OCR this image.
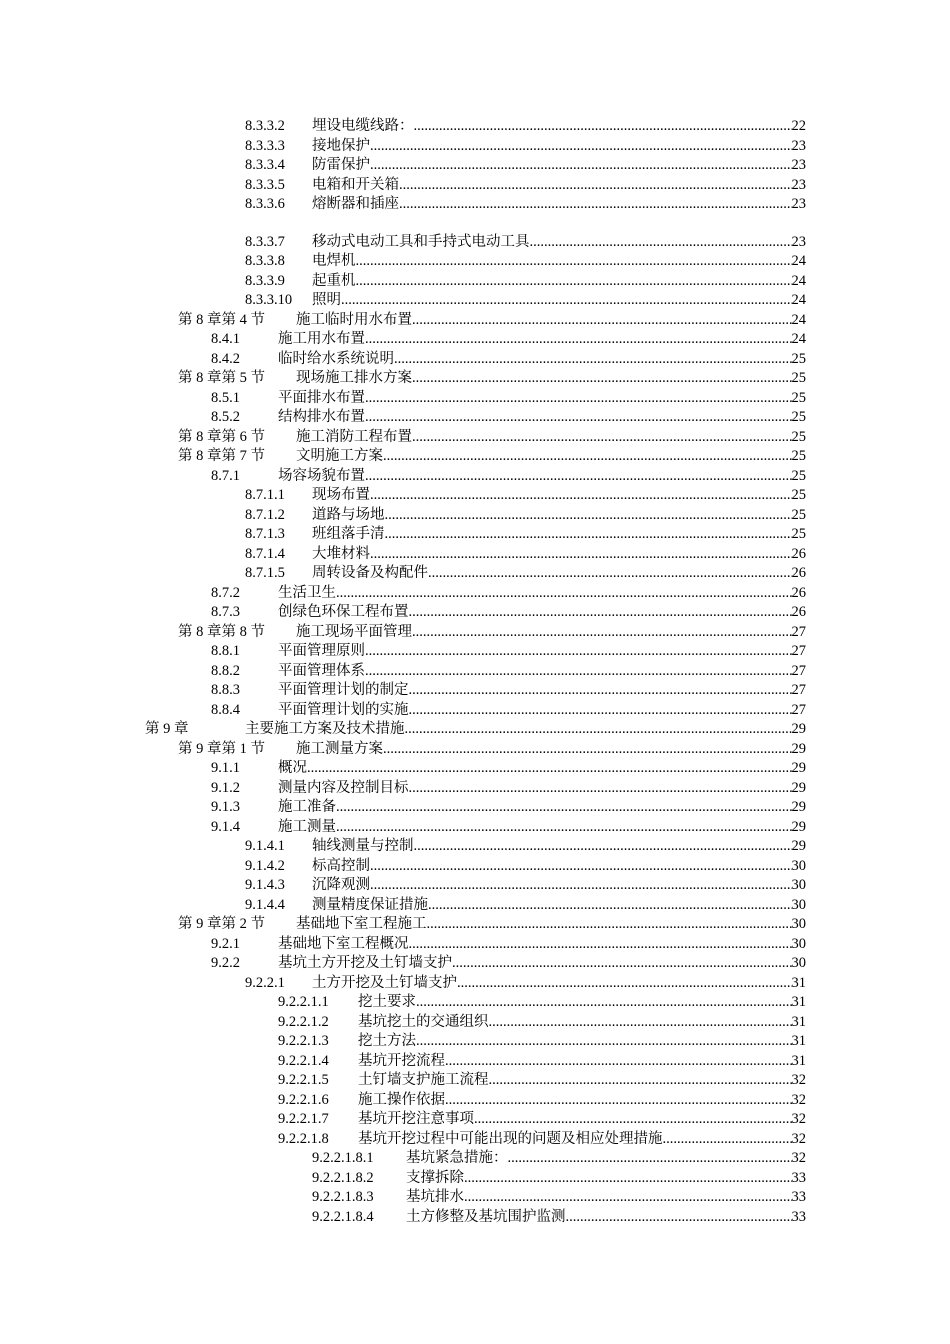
8.3.3.2	埋设电缆线路： .....	22
8.3.3.3	接地保护 .....	23
8.3.3.4	防雷保护 .....	23
8.3.3.5	电箱和开关箱 .....	23
8.3.3.6	熔断器和插座 .....	23
8.3.3.7	移动式电动工具和手持式电动工具 .....	23
8.3.3.8	电焊机 .....	24
8.3.3.9	起重机 .....	24
8.3.3.10	照明 .....	24
第 8 章第 4 节	施工临时用水布置 .....	24
8.4.1	施工用水布置 .....	24
8.4.2	临时给水系统说明 .....	25
第 8 章第 5 节	现场施工排水方案 .....	25
8.5.1	平面排水布置 .....	25
8.5.2	结构排水布置 .....	25
第 8 章第 6 节	施工消防工程布置 .....	25
第 8 章第 7 节	文明施工方案 .....	25
8.7.1	场容场貌布置 .....	25
8.7.1.1	现场布置 .....	25
8.7.1.2	道路与场地 .....	25
8.7.1.3	班组落手清 .....	25
8.7.1.4	大堆材料 .....	26
8.7.1.5	周转设备及构配件 .....	26
8.7.2	生活卫生 .....	26
8.7.3	创绿色环保工程布置 .....	26
第 8 章第 8 节	施工现场平面管理 .....	27
8.8.1	平面管理原则 .....	27
8.8.2	平面管理体系 .....	27
8.8.3	平面管理计划的制定 .....	27
8.8.4	平面管理计划的实施 .....	27
第 9 章	主要施工方案及技术措施 .....	29
第 9 章第 1 节	施工测量方案 .....	29
9.1.1	概况 .....	29
9.1.2	测量内容及控制目标 .....	29
9.1.3	施工准备 .....	29
9.1.4	施工测量 .....	29
9.1.4.1	轴线测量与控制 .....	29
9.1.4.2	标高控制 .....	30
9.1.4.3	沉降观测 .....	30
9.1.4.4	测量精度保证措施 .....	30
第 9 章第 2 节	基础地下室工程施工 .....	30
9.2.1	基础地下室工程概况 .....	30
9.2.2	基坑土方开挖及土钉墙支护 .....	30
9.2.2.1	土方开挖及土钉墙支护 .....	31
9.2.2.1.1	挖土要求 .....	31
9.2.2.1.2	基坑挖土的交通组织 .....	31
9.2.2.1.3	挖土方法 .....	31
9.2.2.1.4	基坑开挖流程 .....	31
9.2.2.1.5	土钉墙支护施工流程 .....	32
9.2.2.1.6	施工操作依据 .....	32
9.2.2.1.7	基坑开挖注意事项 .....	32
9.2.2.1.8	基坑开挖过程中可能出现的问题及相应处理措施 .....	32
9.2.2.1.8.1	基坑紧急措施： .....	32
9.2.2.1.8.2	支撑拆除 .....	33
9.2.2.1.8.3	基坑排水 .....	33
9.2.2.1.8.4	土方修整及基坑围护监测 .....	33
